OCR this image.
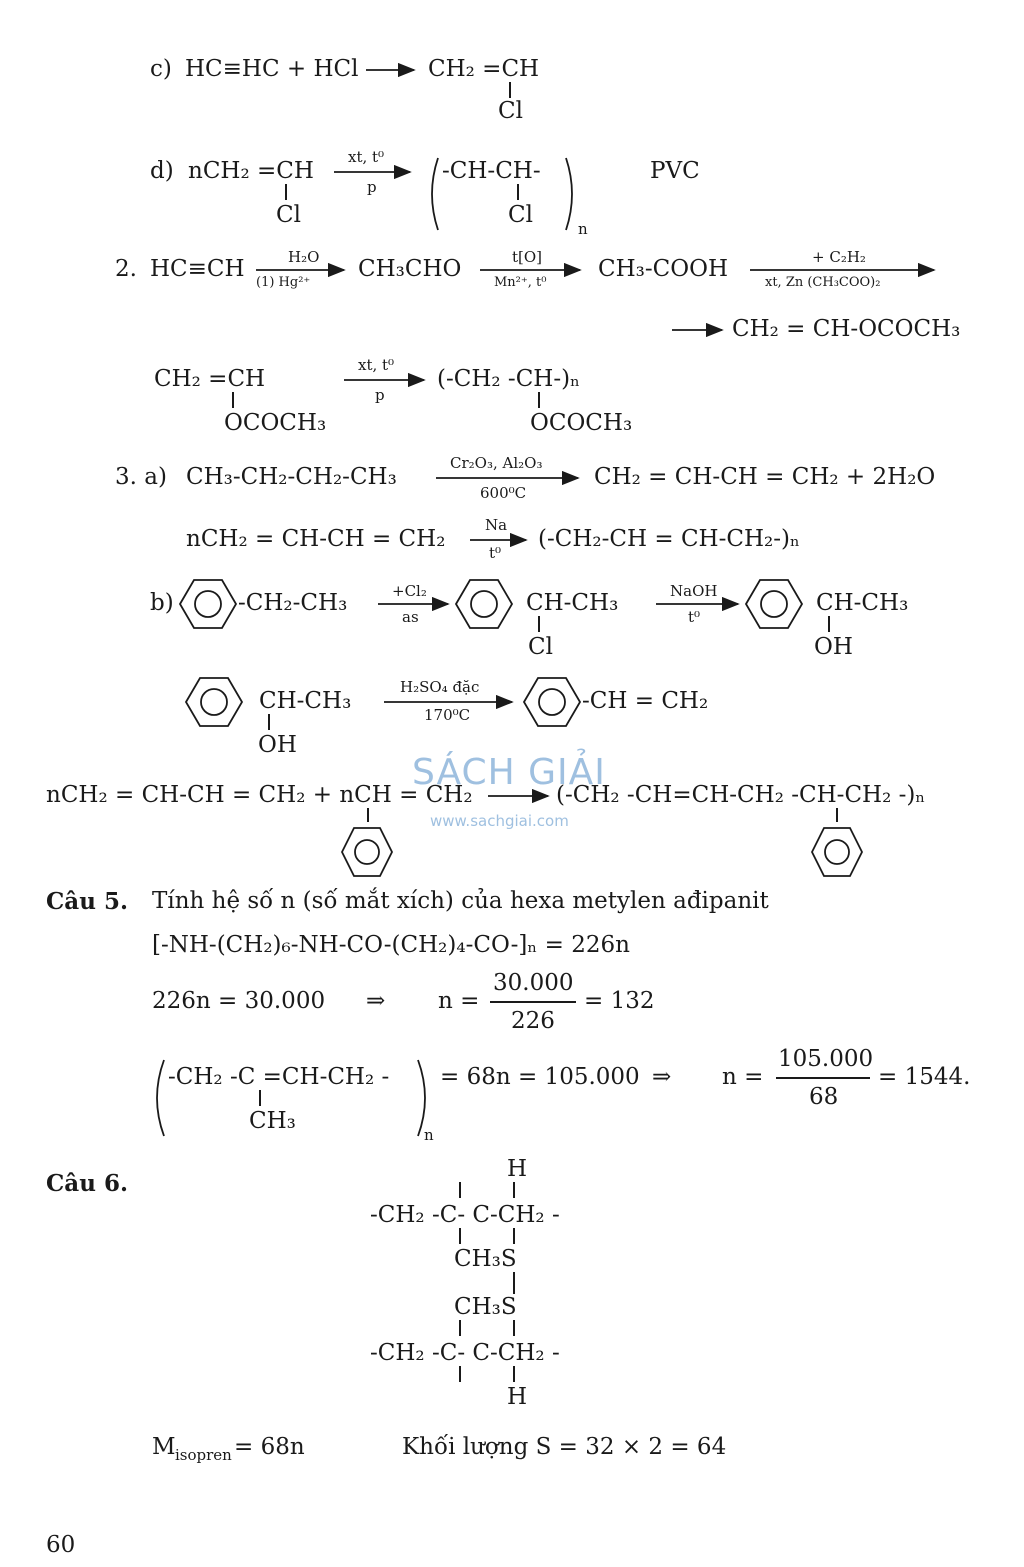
SÁCH GIẢI
www.sachgiai.com
c) HC≡HC + HCl	CH₂ =CH
Cl
d) nCH₂ =CH
Cl
xt, t⁰
p
-CH-CH-
Cl
n
PVC
2. HC≡CH	H₂O
(1) Hg²⁺
CH₃CHO	t[O]
Mn²⁺, t⁰
CH₃-COOH	+ C₂H₂
xt, Zn (CH₃COO)₂
CH₂ = CH-OCOCH₃
CH₂ =CH
OCOCH₃
xt, t⁰
p
(-CH₂ -CH-)ₙ
OCOCH₃
3. a) CH₃-CH₂-CH₂-CH₃
Cr₂O₃, Al₂O₃
600⁰C
CH₂ = CH-CH = CH₂ + 2H₂O
nCH₂ = CH-CH = CH₂
Na
t⁰
(-CH₂-CH = CH-CH₂-)ₙ
b)	-CH₂-CH₃	+Cl₂
as
CH-CH₃
Cl
NaOH
t⁰
CH-CH₃
OH
CH-CH₃
OH
H₂SO₄ đặc
170⁰C
-CH = CH₂
nCH₂ = CH-CH = CH₂ + nCH = CH₂	(-CH₂ -CH=CH-CH₂ -CH-CH₂ -)ₙ
Câu 5. Tính hệ số n (số mắt xích) của hexa metylen ađipanit
[-NH-(CH₂)₆-NH-CO-(CH₂)₄-CO-]ₙ = 226n
226n = 30.000 ⇒ n =
30.000
226
= 132
-CH₂ -C =CH-CH₂ -
CH₃
n
= 68n = 105.000 ⇒ n =
105.000
68
= 1544.
Câu 6.
H
-CH₂ -C- C-CH₂ -
CH₃S
CH₃S
-CH₂ -C- C-CH₂ -
H
M isopren = 68n	Khối lượng S = 32 × 2 = 64
60
